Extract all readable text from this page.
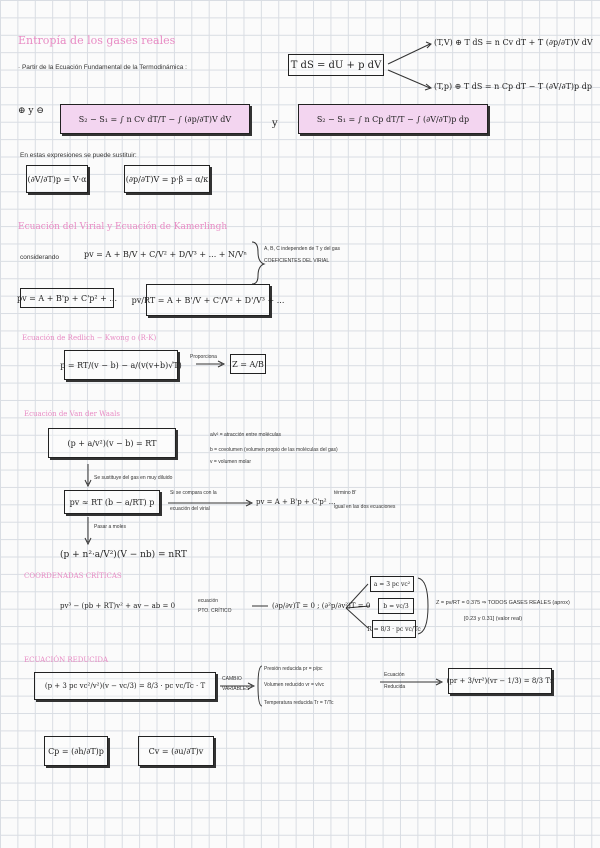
Entropía de los gases reales
· Partir de la Ecuación Fundamental de la Termodinámica :	T dS = dU + p dV
(T,V) ⊕ T dS = n Cv dT + T (∂p/∂T)V dV
(T,p) ⊕ T dS = n Cp dT − T (∂V/∂T)p dp
⊕ y ⊖
S₂ − S₁ = ∫ n Cv dT/T − ∫ (∂p/∂T)V dV	y	S₂ − S₁ = ∫ n Cp dT/T − ∫ (∂V/∂T)p dp
En estas expresiones se puede sustituir:
(∂V/∂T)p = V·α	(∂p/∂T)V = p·β = α/κ
Ecuación del Virial y Ecuación de Kamerlingh
considerando	pv = A + B/V + C/V² + D/V³ + ... + N/Vⁿ
A, B, C independen de T y del gas
COEFICIENTES DEL VIRIAL
pv = A + B'p + C'p² + ... pv/RT = A + B'/V + C'/V² + D'/V³ + ...
Ecuación de Redlich − Kwong o (R-K)
p = RT/(v − b) − a/(v(v+b)√T)
Proporciona
Z = A/B
Ecuación de Van der Waals
(p + a/v²)(v − b) = RT
a/v² = atracción entre moléculas
b = covolumen (volumen propio de las moléculas del gas)
v = volumen molar
Se sustituye del gas en muy diluido
pv ≈ RT (b − a/RT) p
Si se compara con la
ecuación del virial
pv = A + B'p + C'p² ...
término B'
igual en las dos ecuaciones
Pasar a moles
(p + n²·a/V²)(V − nb) = nRT
COORDENADAS CRÍTICAS
pv³ − (pb + RT)v² + av − ab = 0
ecuación
PTO. CRÍTICO
(∂p/∂v)T = 0 ; (∂²p/∂v²)T = 0
a = 3 pc vc²
b = vc/3
R = 8/3 · pc vc/Tc
Z = pv/RT = 0.375 ⇒ TODOS GASES REALES (aprox)
[0.23 y 0.31] (valor real)
ECUACIÓN REDUCIDA
(p + 3 pc vc²/v²)(v − vc/3) = 8/3 · pc vc/Tc · T
CAMBIO
VARIABLES
Presión reducida pr = p/pc
Volumen reducido vr = v/vc
Temperatura reducida Tr = T/Tc
Ecuación
Reducida
(pr + 3/vr²)(vr − 1/3) = 8/3 Tr
Cp = (∂h/∂T)p	Cv = (∂u/∂T)v
